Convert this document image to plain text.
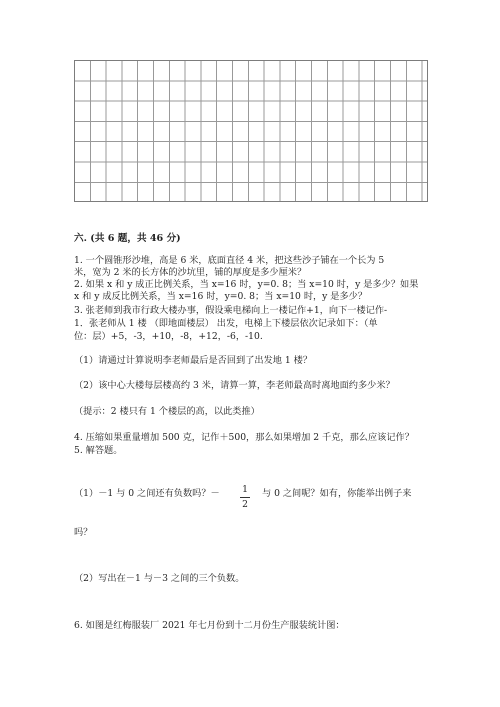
六. (共 6 题，共 46 分)
1. 一个圆锥形沙堆，高是 6 米，底面直径 4 米，把这些沙子铺在一个长为 5
米，宽为 2 米的长方体的沙坑里，铺的厚度是多少厘米？
2. 如果 x 和 y 成正比例关系，当 x=16 时，y=0. 8；当 x=10 时，y 是多少？如果
x 和 y 成反比例关系，当 x=16 时，y=0. 8；当 x=10 时，y 是多少？
3. 张老师到我市行政大楼办事，假设乘电梯向上一楼记作+1，向下一楼记作-
1．张老师从 1 楼 （即地面楼层） 出发，电梯上下楼层依次记录如下：（单
位：层）+5，-3，+10，-8，+12，-6，-10.
（1）请通过计算说明李老师最后是否回到了出发地 1 楼？
（2）该中心大楼每层楼高约 3 米，请算一算，李老师最高时离地面约多少米？
（提示：2 楼只有 1 个楼层的高，以此类推）
4. 压缩如果重量增加 500 克，记作＋500，那么如果增加 2 千克，那么应该记作？
5. 解答题。
（1）－1 与 0 之间还有负数吗？－ 1
2
与 0 之间呢？如有，你能举出例子来
吗？
（2）写出在－1 与－3 之间的三个负数。
6. 如图是红梅服装厂 2021 年七月份到十二月份生产服装统计图：
